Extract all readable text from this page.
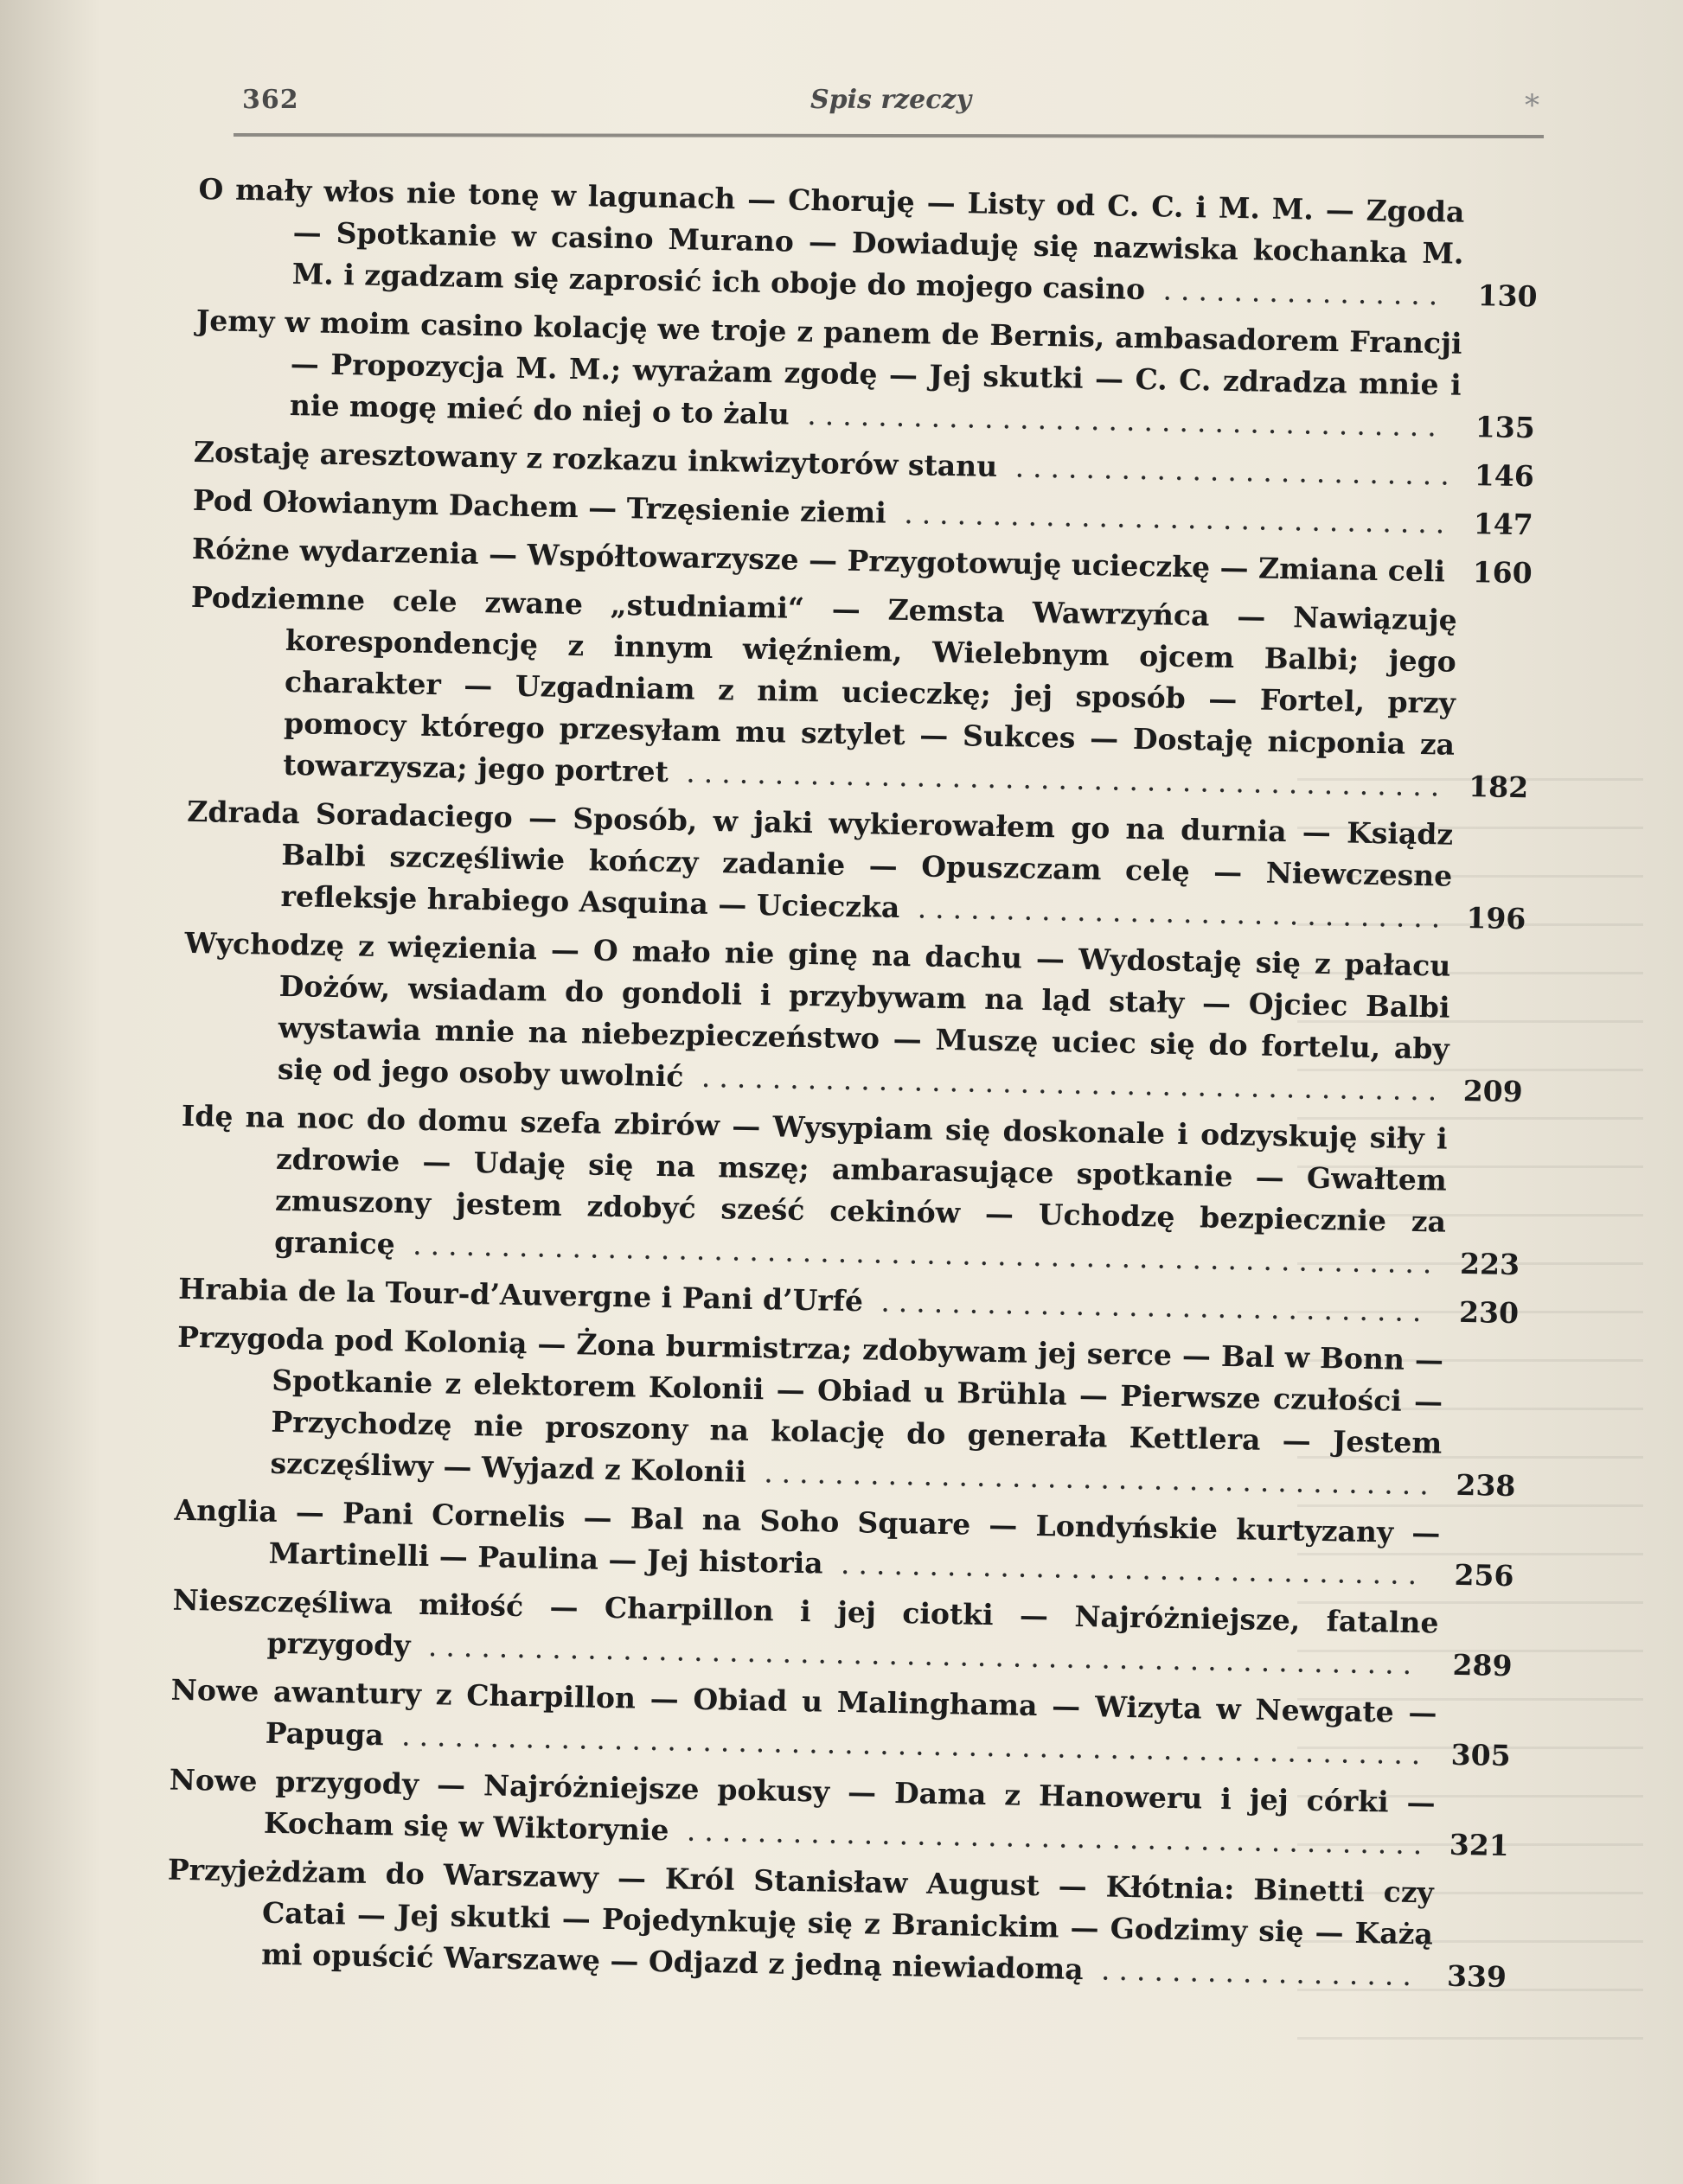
362	Spis rzeczy	*
O mały włos nie tonę w lagunach — Choruję — Listy od C. C. i M. M. — Zgoda — Spotkanie w casino Murano — Dowiaduję się nazwiska kochanka M. M. i zgadzam się zaprosić ich oboje do mojego casino ................	130
Jemy w moim casino kolację we troje z panem de Bernis, ambasadorem Francji — Propozycja M. M.; wyrażam zgodę — Jej skutki — C. C. zdradza mnie i nie mogę mieć do niej o to żalu ....................................	135
Zostaję aresztowany z rozkazu inkwizytorów stanu ......................... 146
Pod Ołowianym Dachem — Trzęsienie ziemi ............................... 147
Różne wydarzenia — Współtowarzysze — Przygotowuję ucieczkę — Zmiana celi 160
Podziemne cele zwane „studniami“ — Zemsta Wawrzyńca — Nawiązuję korespondencję z innym więźniem, Wielebnym ojcem Balbi; jego charakter — Uzgadniam z nim ucieczkę; jej sposób — Fortel, przy pomocy którego przesyłam mu sztylet — Sukces — Dostaję nicponia za towarzysza; jego portret ........................................... 182
Zdrada Soradaciego — Sposób, w jaki wykierowałem go na durnia — Ksiądz Balbi szczęśliwie kończy zadanie — Opuszczam celę — Niewczesne refleksje hrabiego Asquina — Ucieczka .............................. 196
Wychodzę z więzienia — O mało nie ginę na dachu — Wydostaję się z pałacu Dożów, wsiadam do gondoli i przybywam na ląd stały — Ojciec Balbi wystawia mnie na niebezpieczeństwo — Muszę uciec się do fortelu, aby się od jego osoby uwolnić .......................................... 209
Idę na noc do domu szefa zbirów — Wysypiam się doskonale i odzyskuję siły i zdrowie — Udaję się na mszę; ambarasujące spotkanie — Gwałtem zmuszony jestem zdobyć sześć cekinów — Uchodzę bezpiecznie za granicę .......................................................... 223
Hrabia de la Tour-d’Auvergne i Pani d’Urfé ............................... 230
Przygoda pod Kolonią — Żona burmistrza; zdobywam jej serce — Bal w Bonn — Spotkanie z elektorem Kolonii — Obiad u Brühla — Pierwsze czułości — Przychodzę nie proszony na kolację do generała Kettlera — Jestem szczęśliwy — Wyjazd z Kolonii ...................................... 238
Anglia — Pani Cornelis — Bal na Soho Square — Londyńskie kurtyzany — Martinelli — Paulina — Jej historia ................................. 256
Nieszczęśliwa miłość — Charpillon i jej ciotki — Najróżniejsze, fatalne przygody ........................................................	289
Nowe awantury z Charpillon — Obiad u Malinghama — Wizyta w Newgate — Papuga .......................................................... 305
Nowe przygody — Najróżniejsze pokusy — Dama z Hanoweru i jej córki — Kocham się w Wiktorynie .......................................... 321
Przyjeżdżam do Warszawy — Król Stanisław August — Kłótnia: Binetti czy Catai — Jej skutki — Pojedynkuję się z Branickim — Godzimy się — Każą mi opuścić Warszawę — Odjazd z jedną niewiadomą .................. 339
